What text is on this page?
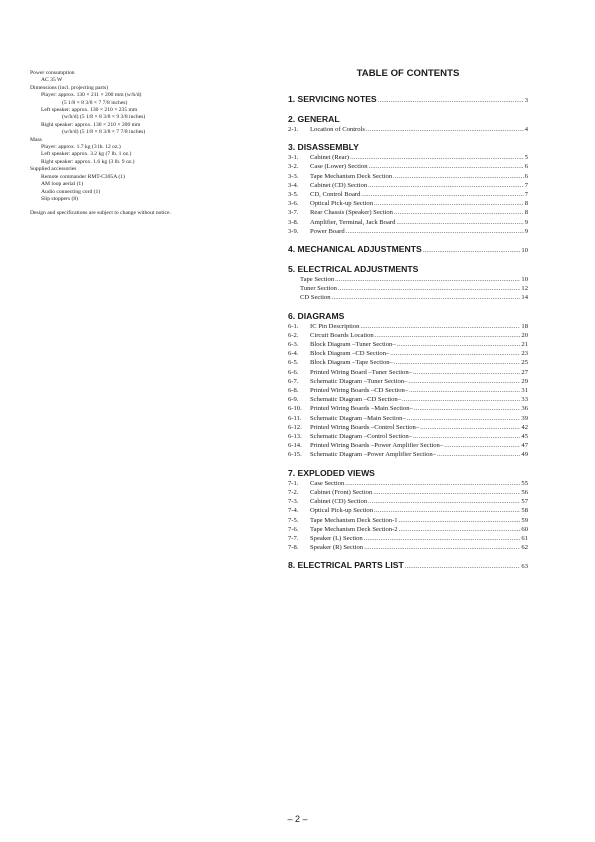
Power consumption
AC 35 W
Dimensions (incl. projecting parts)
Player: approx. 130 × 211 × 200 mm (w/h/d)
(5 1/8 × 8 3/8 × 7 7/8 inches)
Left speaker: approx. 130 × 210 × 235 mm
(w/h/d) (5 1/8 × 8 3/8 × 9 3/8 inches)
Right speaker: approx. 130 × 210 × 200 mm
(w/h/d) (5 1/8 × 8 3/8 × 7 7/8 inches)
Mass
Player: approx. 1.7 kg (3 lb. 12 oz.)
Left speaker: approx. 3.2 kg (7 lb. 1 oz.)
Right speaker: approx. 1.6 kg (3 lb. 9 oz.)
Supplied accessories
Remote commander RMT-C305A (1)
AM loop aerial (1)
Audio connecting cord (1)
Slip stoppers (8)
Design and specifications are subject to change without notice.
TABLE OF CONTENTS
1. SERVICING NOTES .....	3
2. GENERAL
2-1.	Location of Controls .....	4
3. DISASSEMBLY
3-1.	Cabinet (Rear) .....	5
3-2.	Case (Lower) Section .....	6
3-3.	Tape Mechanism Deck Section .....	6
3-4.	Cabinet (CD) Section .....	7
3-5.	CD, Control Board .....	7
3-6.	Optical Pick-up Section .....	8
3-7.	Rear Chassis (Speaker) Section .....	8
3-8.	Amplifier, Terminal, Jack Board .....	9
3-9.	Power Board .....	9
4. MECHANICAL ADJUSTMENTS .....	10
5. ELECTRICAL ADJUSTMENTS
Tape Section .....	10
Tuner Section .....	12
CD Section .....	14
6. DIAGRAMS
6-1.	IC Pin Description .....	18
6-2.	Circuit Boards Location .....	20
6-3.	Block Diagram –Tuner Section– .....	21
6-4.	Block Diagram –CD Section– .....	23
6-5.	Block Diagram –Tape Section– .....	25
6-6.	Printed Wiring Board –Tuner Section– .....	27
6-7.	Schematic Diagram –Tuner Section– .....	29
6-8.	Printed Wiring Boards –CD Section– .....	31
6-9.	Schematic Diagram –CD Section– .....	33
6-10.	Printed Wiring Boards –Main Section– .....	36
6-11.	Schematic Diagram –Main Section– .....	39
6-12.	Printed Wiring Boards –Control Section– .....	42
6-13.	Schematic Diagram –Control Section– .....	45
6-14.	Printed Wiring Boards –Power Amplifier Section– .....	47
6-15.	Schematic Diagram –Power Amplifier Section– .....	49
7. EXPLODED VIEWS
7-1.	Case Section .....	55
7-2.	Cabinet (Front) Section .....	56
7-3.	Cabinet (CD) Section .....	57
7-4.	Optical Pick-up Section .....	58
7-5.	Tape Mechanism Deck Section-1 .....	59
7-6.	Tape Mechanism Deck Section-2 .....	60
7-7.	Speaker (L) Section .....	61
7-8.	Speaker (R) Section .....	62
8. ELECTRICAL PARTS LIST .....	63
– 2 –
